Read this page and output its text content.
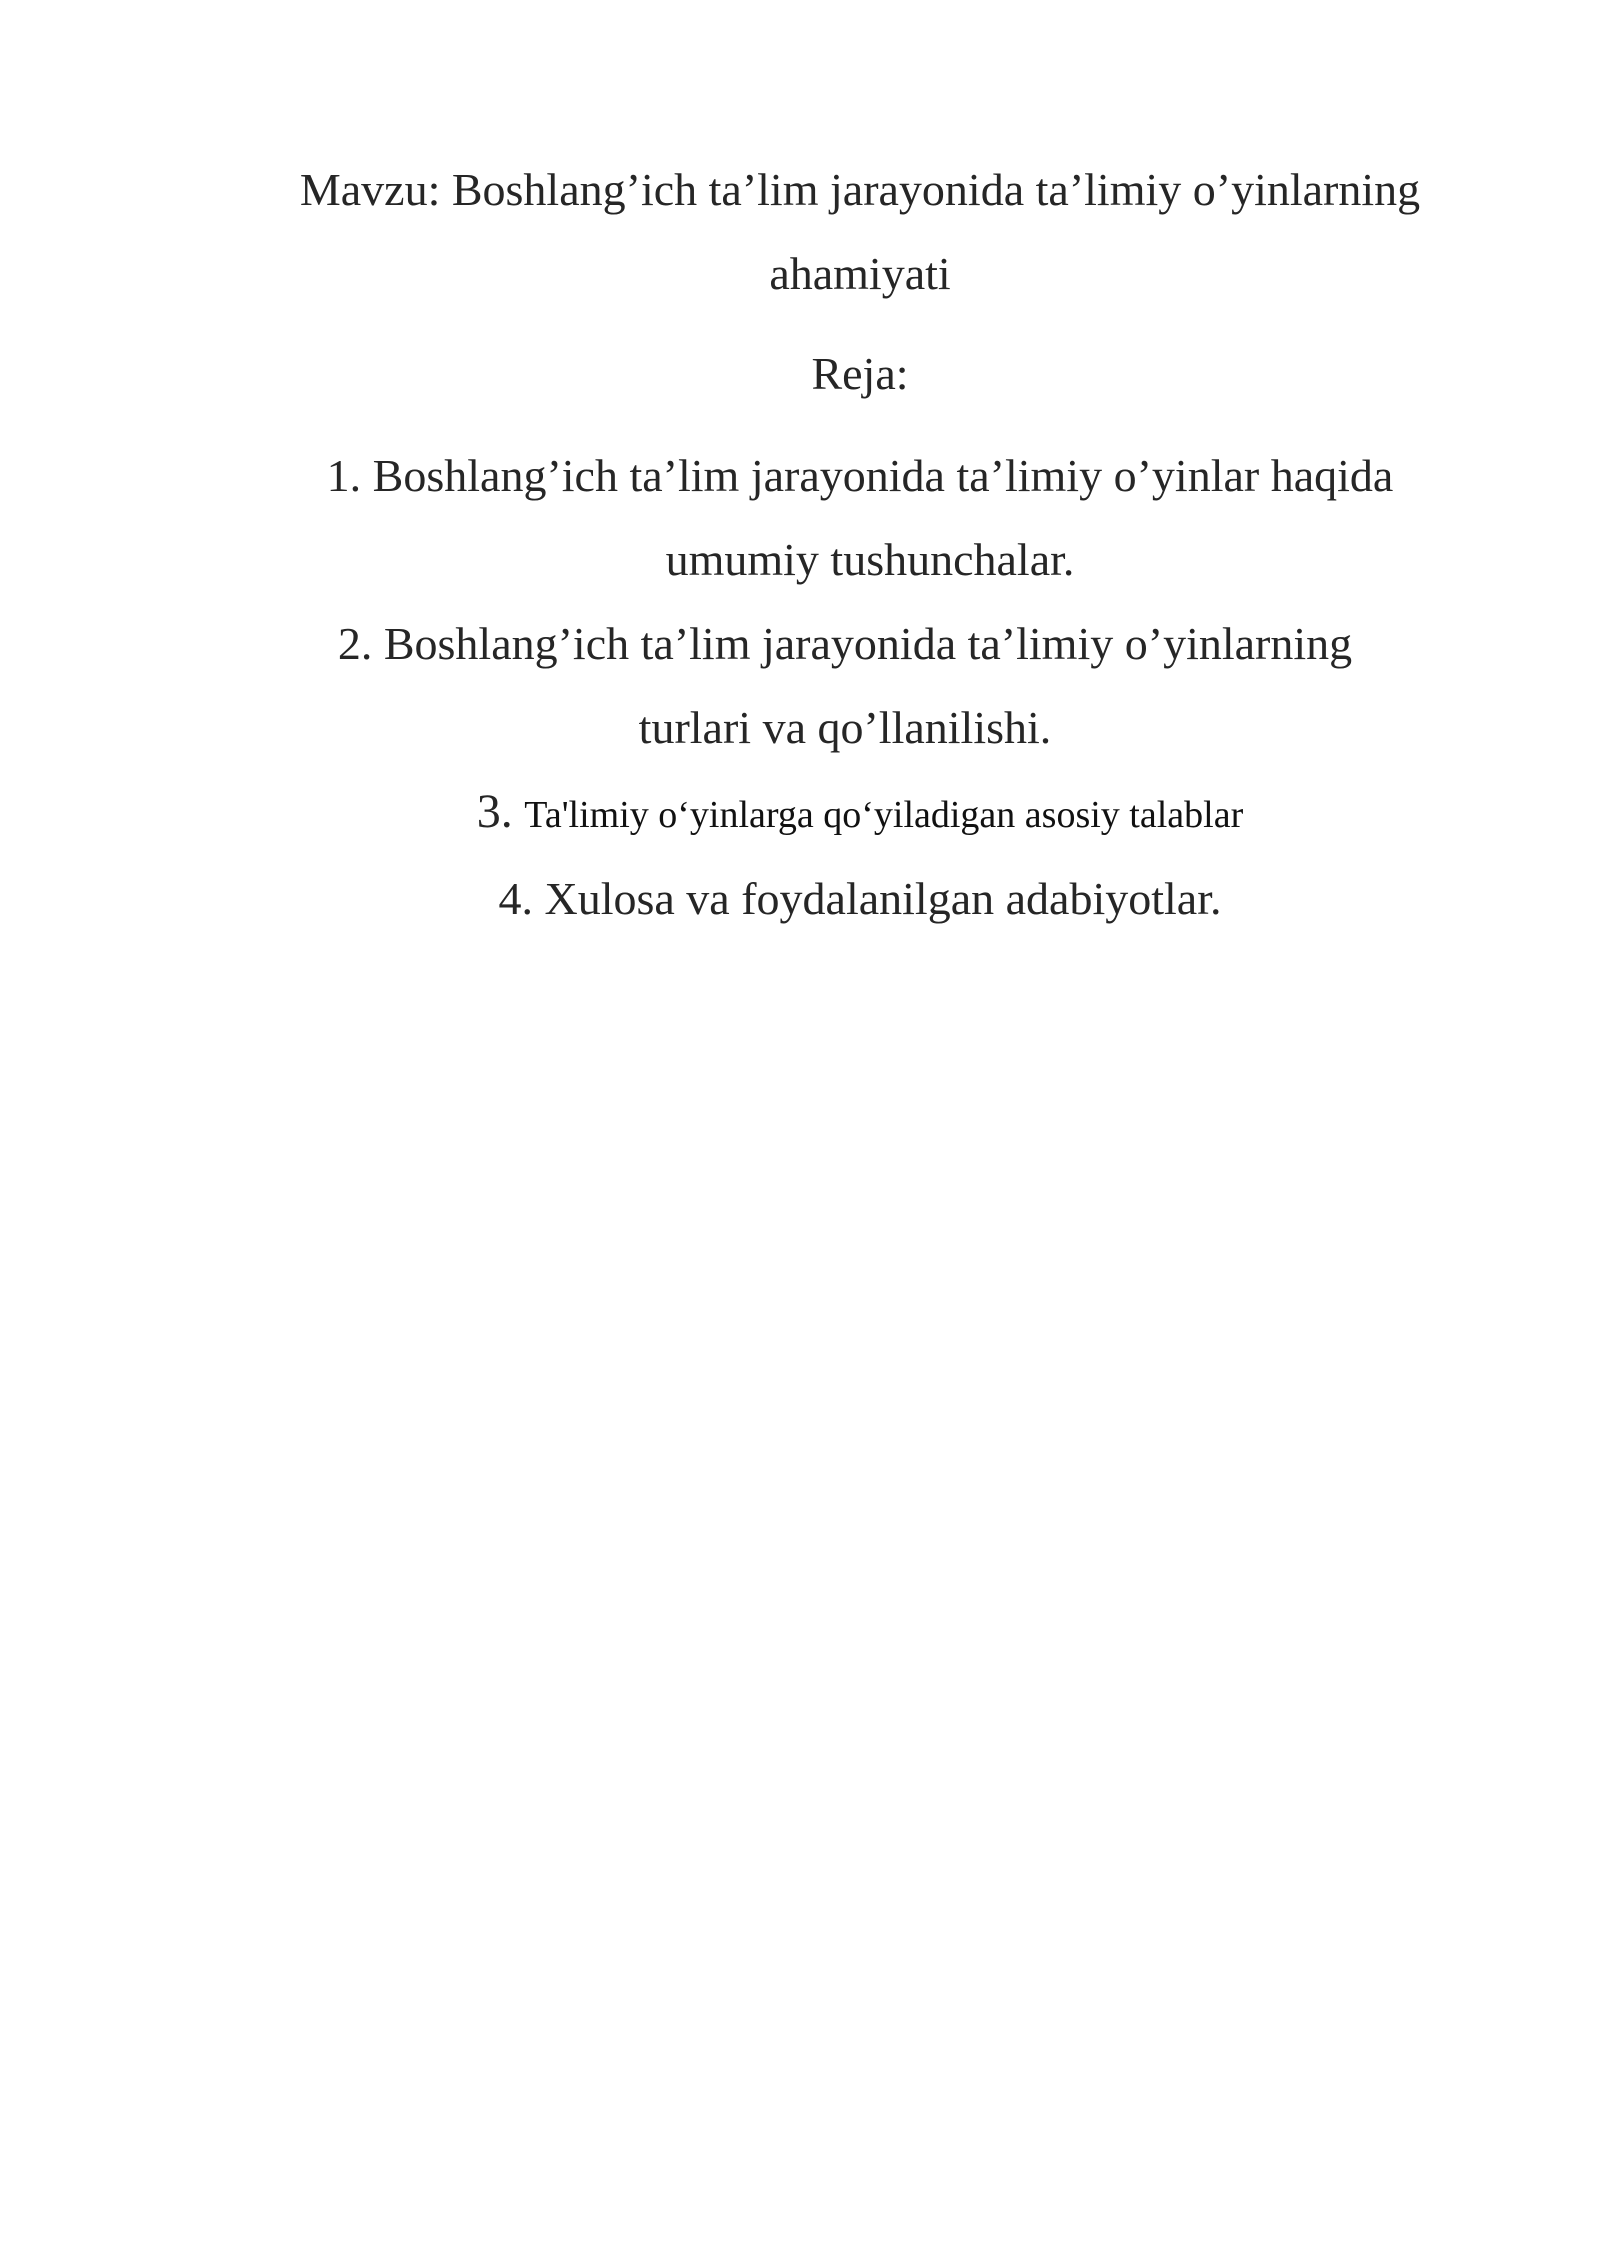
Mavzu: Boshlang’ich ta’lim jarayonida ta’limiy o’yinlarning
ahamiyati

Reja:

1. Boshlang’ich ta’lim jarayonida ta’limiy o’yinlar haqida
umumiy tushunchalar.
2. Boshlang’ich ta’lim jarayonida ta’limiy o’yinlarning
turlari va qo’llanilishi.
3. Ta'limiy o‘yinlarga qo‘yiladigan asosiy talablar
4. Xulosa va foydalanilgan adabiyotlar.
